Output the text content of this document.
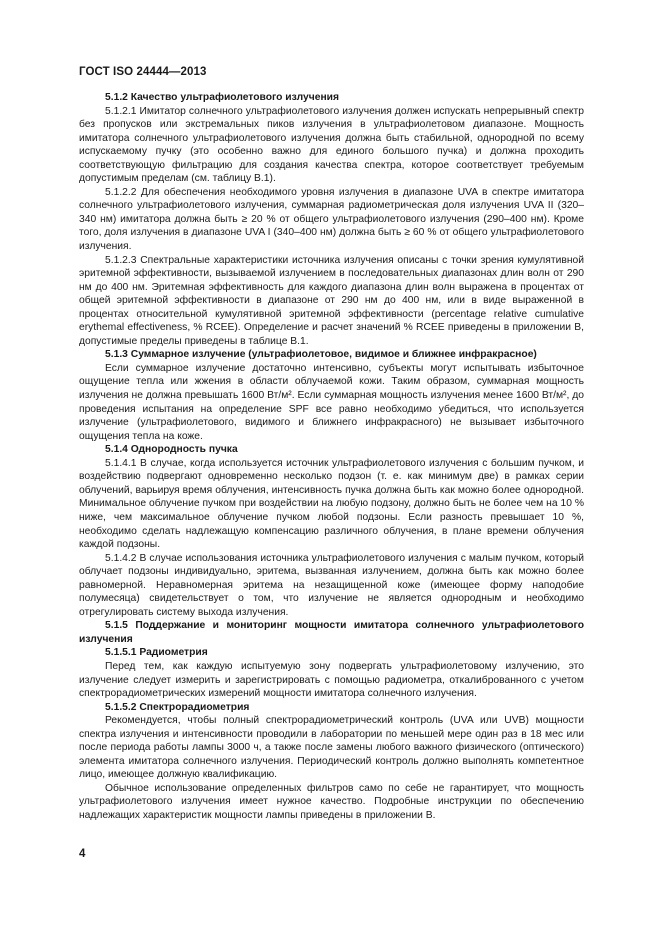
ГОСТ ISO 24444—2013

5.1.2 Качество ультрафиолетового излучения

5.1.2.1 Имитатор солнечного ультрафиолетового излучения должен испускать непрерывный спектр без пропусков или экстремальных пиков излучения в ультрафиолетовом диапазоне. Мощность имитатора солнечного ультрафиолетового излучения должна быть стабильной, однородной по всему испускаемому пучку (это особенно важно для единого большого пучка) и должна проходить соответствующую фильтрацию для создания качества спектра, которое соответствует требуемым допустимым пределам (см. таблицу В.1).

5.1.2.2 Для обеспечения необходимого уровня излучения в диапазоне UVA в спектре имитатора солнечного ультрафиолетового излучения, суммарная радиометрическая доля излучения UVA II (320–340 нм) имитатора должна быть ≥ 20 % от общего ультрафиолетового излучения (290–400 нм). Кроме того, доля излучения в диапазоне UVA I (340–400 нм) должна быть ≥ 60 % от общего ультрафиолетового излучения.

5.1.2.3 Спектральные характеристики источника излучения описаны с точки зрения кумулятивной эритемной эффективности, вызываемой излучением в последовательных диапазонах длин волн от 290 нм до 400 нм. Эритемная эффективность для каждого диапазона длин волн выражена в процентах от общей эритемной эффективности в диапазоне от 290 нм до 400 нм, или в виде выраженной в процентах относительной кумулятивной эритемной эффективности (percentage relative cumulative erythemal effectiveness, % RCEE). Определение и расчет значений % RCEE приведены в приложении В, допустимые пределы приведены в таблице В.1.

5.1.3 Суммарное излучение (ультрафиолетовое, видимое и ближнее инфракрасное)

Если суммарное излучение достаточно интенсивно, субъекты могут испытывать избыточное ощущение тепла или жжения в области облучаемой кожи. Таким образом, суммарная мощность излучения не должна превышать 1600 Вт/м². Если суммарная мощность излучения менее 1600 Вт/м², до проведения испытания на определение SPF все равно необходимо убедиться, что используется излучение (ультрафиолетового, видимого и ближнего инфракрасного) не вызывает избыточного ощущения тепла на коже.

5.1.4 Однородность пучка

5.1.4.1 В случае, когда используется источник ультрафиолетового излучения с большим пучком, и воздействию подвергают одновременно несколько подзон (т. е. как минимум две) в рамках серии облучений, варьируя время облучения, интенсивность пучка должна быть как можно более однородной. Минимальное облучение пучком при воздействии на любую подзону, должно быть не более чем на 10 % ниже, чем максимальное облучение пучком любой подзоны. Если разность превышает 10 %, необходимо сделать надлежащую компенсацию различного облучения, в плане времени облучения каждой подзоны.

5.1.4.2 В случае использования источника ультрафиолетового излучения с малым пучком, который облучает подзоны индивидуально, эритема, вызванная излучением, должна быть как можно более равномерной. Неравномерная эритема на незащищенной коже (имеющее форму наподобие полумесяца) свидетельствует о том, что излучение не является однородным и необходимо отрегулировать систему выхода излучения.

5.1.5 Поддержание и мониторинг мощности имитатора солнечного ультрафиолетового излучения

5.1.5.1 Радиометрия

Перед тем, как каждую испытуемую зону подвергать ультрафиолетовому излучению, это излучение следует измерить и зарегистрировать с помощью радиометра, откалиброванного с учетом спектрорадиометрических измерений мощности имитатора солнечного излучения.

5.1.5.2 Спектрорадиометрия

Рекомендуется, чтобы полный спектрорадиометрический контроль (UVA или UVB) мощности спектра излучения и интенсивности проводили в лаборатории по меньшей мере один раз в 18 мес или после периода работы лампы 3000 ч, а также после замены любого важного физического (оптического) элемента имитатора солнечного излучения. Периодический контроль должно выполнять компетентное лицо, имеющее должную квалификацию.

Обычное использование определенных фильтров само по себе не гарантирует, что мощность ультрафиолетового излучения имеет нужное качество. Подробные инструкции по обеспечению надлежащих характеристик мощности лампы приведены в приложении В.

4
